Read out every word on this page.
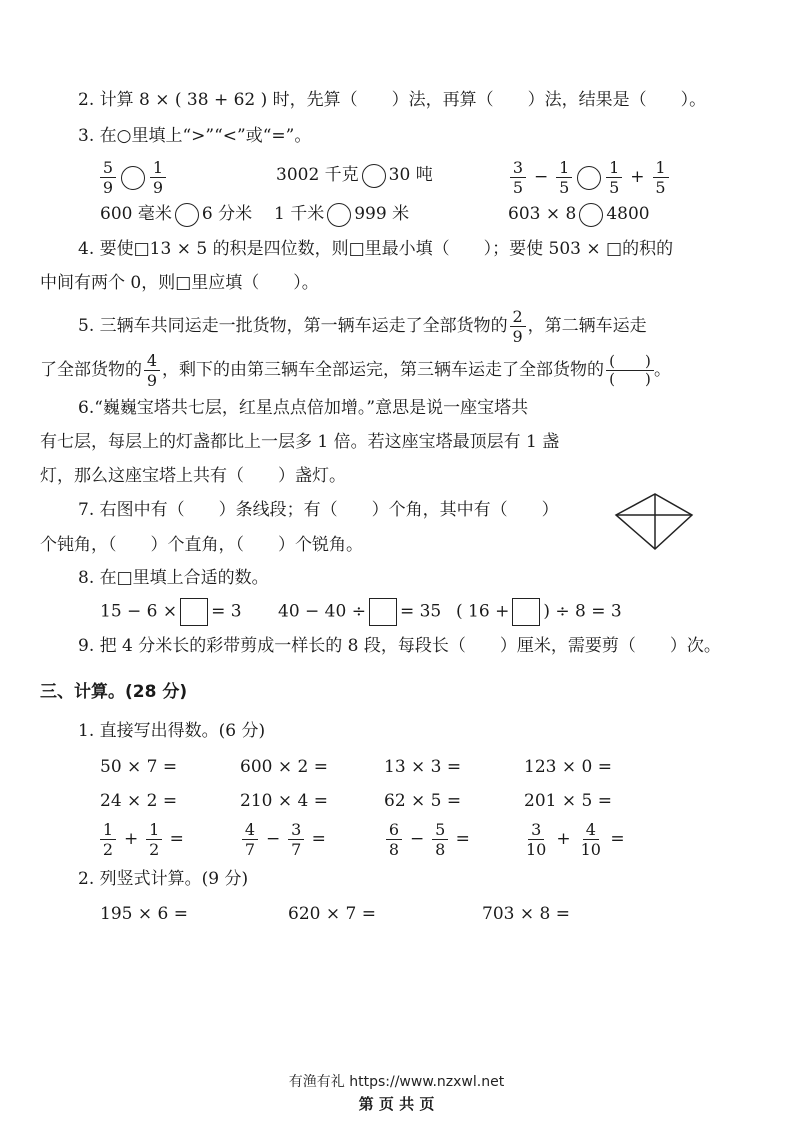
2. 计算 8 × ( 38 + 62 ) 时，先算（　　）法，再算（　　）法，结果是（　　）。
3. 在○里填上“>”“<”或“=”。
$\frac{5}{9} \frac{1}{9}$	3002 千克 30 吨	$\frac{3}{5} - \frac{1}{5} \frac{1}{5} + \frac{1}{5}$
600 毫米 6 分米 1 千米 999 米	603 × 8 4800
4. 要使□13 × 5 的积是四位数，则□里最小填（　　）；要使 503 × □的积的
中间有两个 0，则□里应填（　　）。
5. 三辆车共同运走一批货物，第一辆车运走了全部货物的 $\frac{2}{9}$ ，第二辆车运走
了全部货物的 $\frac{4}{9}$ ，剩下的由第三辆车全部运完，第三辆车运走了全部货物的 $\frac{( )}{( )}$ 。
6.“巍巍宝塔共七层，红星点点倍加增。”意思是说一座宝塔共
有七层，每层上的灯盏都比上一层多 1 倍。若这座宝塔最顶层有 1 盏
灯，那么这座宝塔上共有（　　）盏灯。
7. 右图中有（　　）条线段；有（　　）个角，其中有（　　）
个钝角，（　　）个直角，（　　）个锐角。
8. 在□里填上合适的数。
15 − 6 × = 3 40 − 40 ÷ = 35 ( 16 + ) ÷ 8 = 3
9. 把 4 分米长的彩带剪成一样长的 8 段，每段长（　　）厘米，需要剪（　　）次。
三、计算。(28 分)
1. 直接写出得数。(6 分)
50 × 7 =	600 × 2 =	13 × 3 =	123 × 0 =
24 × 2 =	210 × 4 =	62 × 5 =	201 × 5 =
$\frac{1}{2} + \frac{1}{2}$ =	$\frac{4}{7} - \frac{3}{7}$ =	$\frac{6}{8} - \frac{5}{8}$ =	$\frac{3}{10} + \frac{4}{10}$ =
2. 列竖式计算。(9 分)
195 × 6 =	620 × 7 =	703 × 8 =
有渔有礼 https://www.nzxwl.net
第 页 共 页
